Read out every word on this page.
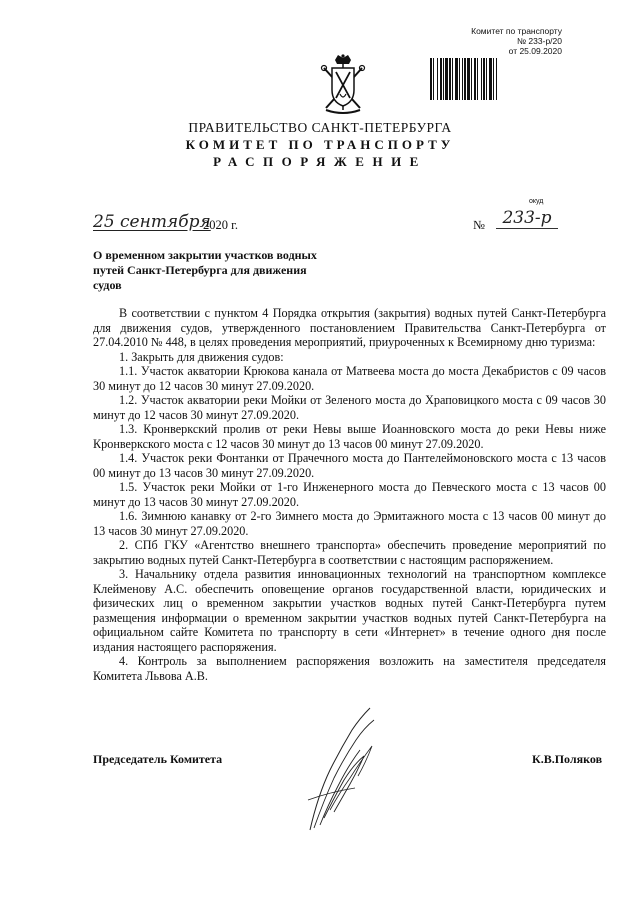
Комитет по транспорту
№ 233-р/20
от 25.09.2020
ПРАВИТЕЛЬСТВО САНКТ-ПЕТЕРБУРГА
КОМИТЕТ ПО ТРАНСПОРТУ
РАСПОРЯЖЕНИЕ
окуд
25 сентября
2020 г.	№	233-р
О временном закрытии участков водных путей Санкт-Петербурга для движения судов

В соответствии с пунктом 4 Порядка открытия (закрытия) водных путей Санкт-Петербурга для движения судов, утвержденного постановлением Правительства Санкт-Петербурга от 27.04.2010 № 448, в целях проведения мероприятий, приуроченных к Всемирному дню туризма:

1. Закрыть для движения судов:

1.1. Участок акватории Крюкова канала от Матвеева моста до моста Декабристов с 09 часов 30 минут до 12 часов 30 минут 27.09.2020.

1.2. Участок акватории реки Мойки от Зеленого моста до Храповицкого моста с 09 часов 30 минут до 12 часов 30 минут 27.09.2020.

1.3. Кронверкский пролив от реки Невы выше Иоанновского моста до реки Невы ниже Кронверкского моста с 12 часов 30 минут до 13 часов 00 минут 27.09.2020.

1.4. Участок реки Фонтанки от Прачечного моста до Пантелеймоновского моста с 13 часов 00 минут до 13 часов 30 минут 27.09.2020.

1.5. Участок реки Мойки от 1-го Инженерного моста до Певческого моста с 13 часов 00 минут до 13 часов 30 минут 27.09.2020.

1.6. Зимнюю канавку от 2-го Зимнего моста до Эрмитажного моста с 13 часов 00 минут до 13 часов 30 минут 27.09.2020.

2. СПб ГКУ «Агентство внешнего транспорта» обеспечить проведение мероприятий по закрытию водных путей Санкт-Петербурга в соответствии с настоящим распоряжением.

3. Начальнику отдела развития инновационных технологий на транспортном комплексе Клейменову А.С. обеспечить оповещение органов государственной власти, юридических и физических лиц о временном закрытии участков водных путей Санкт-Петербурга путем размещения информации о временном закрытии участков водных путей Санкт-Петербурга на официальном сайте Комитета по транспорту в сети «Интернет» в течение одного дня после издания настоящего распоряжения.

4. Контроль за выполнением распоряжения возложить на заместителя председателя Комитета Львова А.В.

Председатель Комитета	К.В.Поляков
